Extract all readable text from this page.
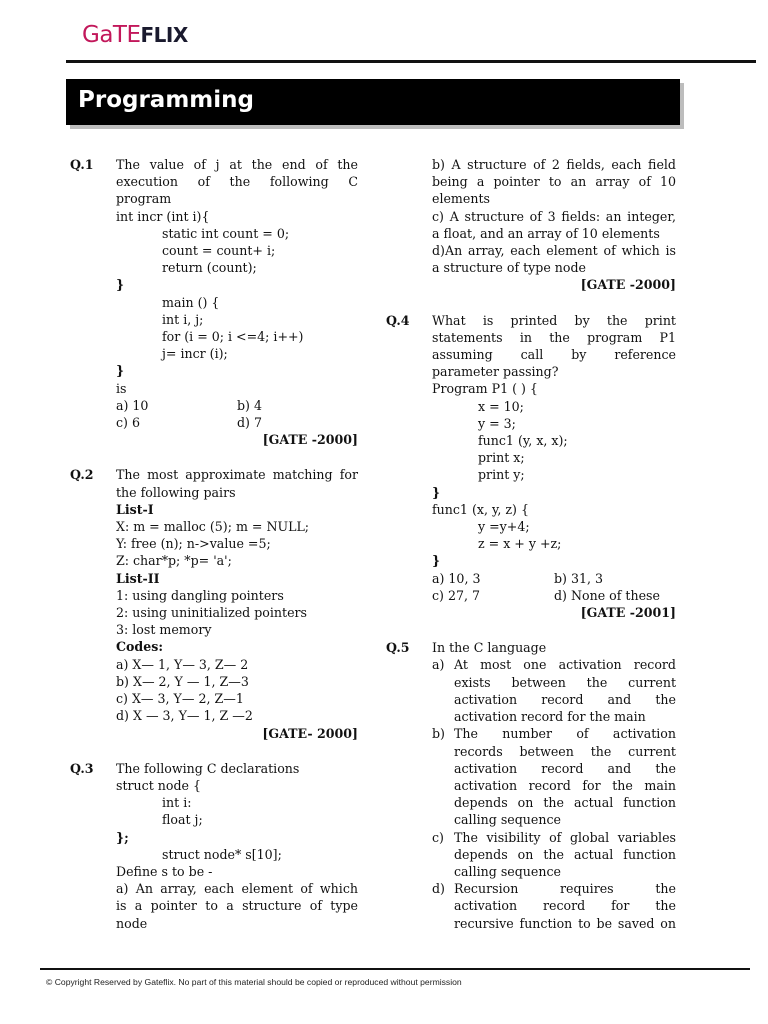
GaTEFLIX
Programming
Q.1 The value of j at the end of the
execution of the following C
program
int incr (int i){
static int count = 0;
count = count+ i;
return (count);
}
main () {
int i, j;
for (i = 0; i <=4; i++)
j= incr (i);
}
is
a) 10	b) 4
c) 6	d) 7
[GATE -2000]
Q.2 The most approximate matching for
the following pairs
List-I
X: m = malloc (5); m = NULL;
Y: free (n); n->value =5;
Z: char*p; *p= 'a';
List-II
1: using dangling pointers
2: using uninitialized pointers
3: lost memory
Codes:
a) X— 1, Y— 3, Z— 2
b) X— 2, Y — 1, Z—3
c) X— 3, Y— 2, Z—1
d) X — 3, Y— 1, Z —2
[GATE- 2000]
Q.3 The following C declarations
struct node {
int i:
float j;
};
struct node* s[10];
Define s to be -
a) An array, each element of which
is a pointer to a structure of type
node
b) A structure of 2 fields, each field
being a pointer to an array of 10
elements
c) A structure of 3 fields: an integer,
a float, and an array of 10 elements
d)An array, each element of which is
a structure of type node
[GATE -2000]
Q.4 What is printed by the print
statements in the program P1
assuming call by reference
parameter passing?
Program P1 ( ) {
x = 10;
y = 3;
func1 (y, x, x);
print x;
print y;
}
func1 (x, y, z) {
y =y+4;
z = x + y +z;
}
a) 10, 3	b) 31, 3
c) 27, 7	d) None of these
[GATE -2001]
Q.5 In the C language
a) At most one activation record
exists between the current
activation record and the
activation record for the main
b) The number of activation
records between the current
activation record and the
activation record for the main
depends on the actual function
calling sequence
c) The visibility of global variables
depends on the actual function
calling sequence
d) Recursion requires the
activation record for the
recursive function to be saved on
© Copyright Reserved by Gateflix. No part of this material should be copied or reproduced without permission
